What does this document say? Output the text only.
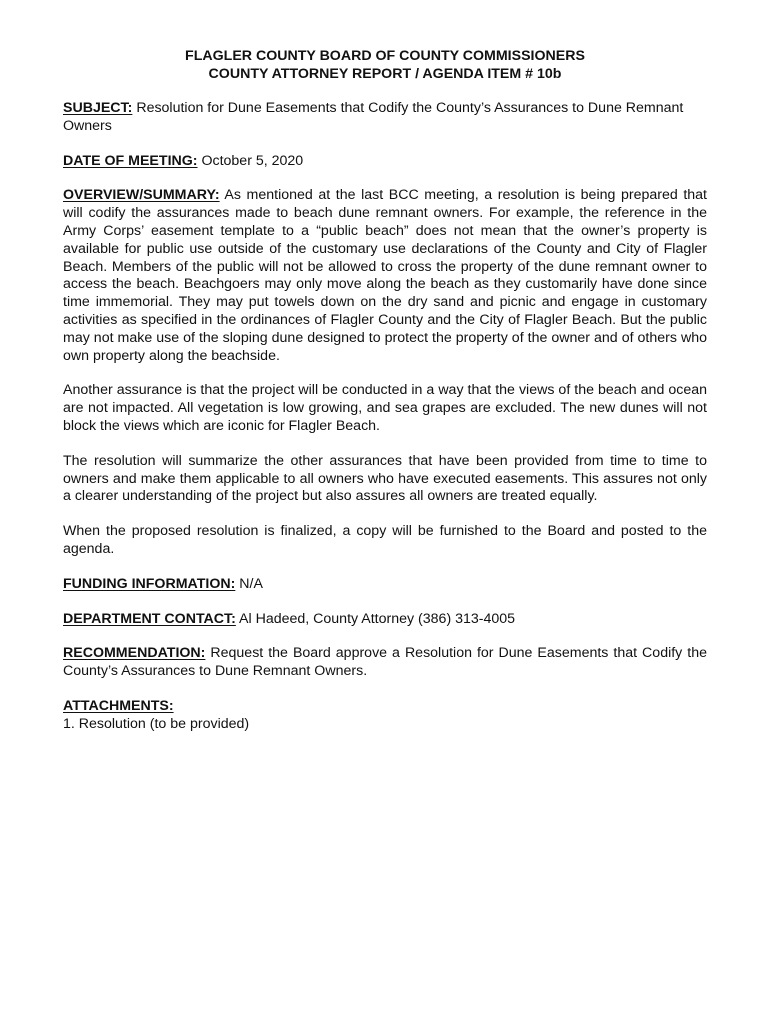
FLAGLER COUNTY BOARD OF COUNTY COMMISSIONERS
COUNTY ATTORNEY REPORT / AGENDA ITEM # 10b

SUBJECT: Resolution for Dune Easements that Codify the County’s Assurances to Dune Remnant Owners

DATE OF MEETING: October 5, 2020

OVERVIEW/SUMMARY: As mentioned at the last BCC meeting, a resolution is being prepared that will codify the assurances made to beach dune remnant owners. For example, the reference in the Army Corps’ easement template to a “public beach” does not mean that the owner’s property is available for public use outside of the customary use declarations of the County and City of Flagler Beach. Members of the public will not be allowed to cross the property of the dune remnant owner to access the beach. Beachgoers may only move along the beach as they customarily have done since time immemorial. They may put towels down on the dry sand and picnic and engage in customary activities as specified in the ordinances of Flagler County and the City of Flagler Beach. But the public may not make use of the sloping dune designed to protect the property of the owner and of others who own property along the beachside.

Another assurance is that the project will be conducted in a way that the views of the beach and ocean are not impacted. All vegetation is low growing, and sea grapes are excluded. The new dunes will not block the views which are iconic for Flagler Beach.

The resolution will summarize the other assurances that have been provided from time to time to owners and make them applicable to all owners who have executed easements. This assures not only a clearer understanding of the project but also assures all owners are treated equally.

When the proposed resolution is finalized, a copy will be furnished to the Board and posted to the agenda.

FUNDING INFORMATION: N/A

DEPARTMENT CONTACT: Al Hadeed, County Attorney (386) 313-4005

RECOMMENDATION: Request the Board approve a Resolution for Dune Easements that Codify the County’s Assurances to Dune Remnant Owners.

ATTACHMENTS:

1. Resolution (to be provided)
